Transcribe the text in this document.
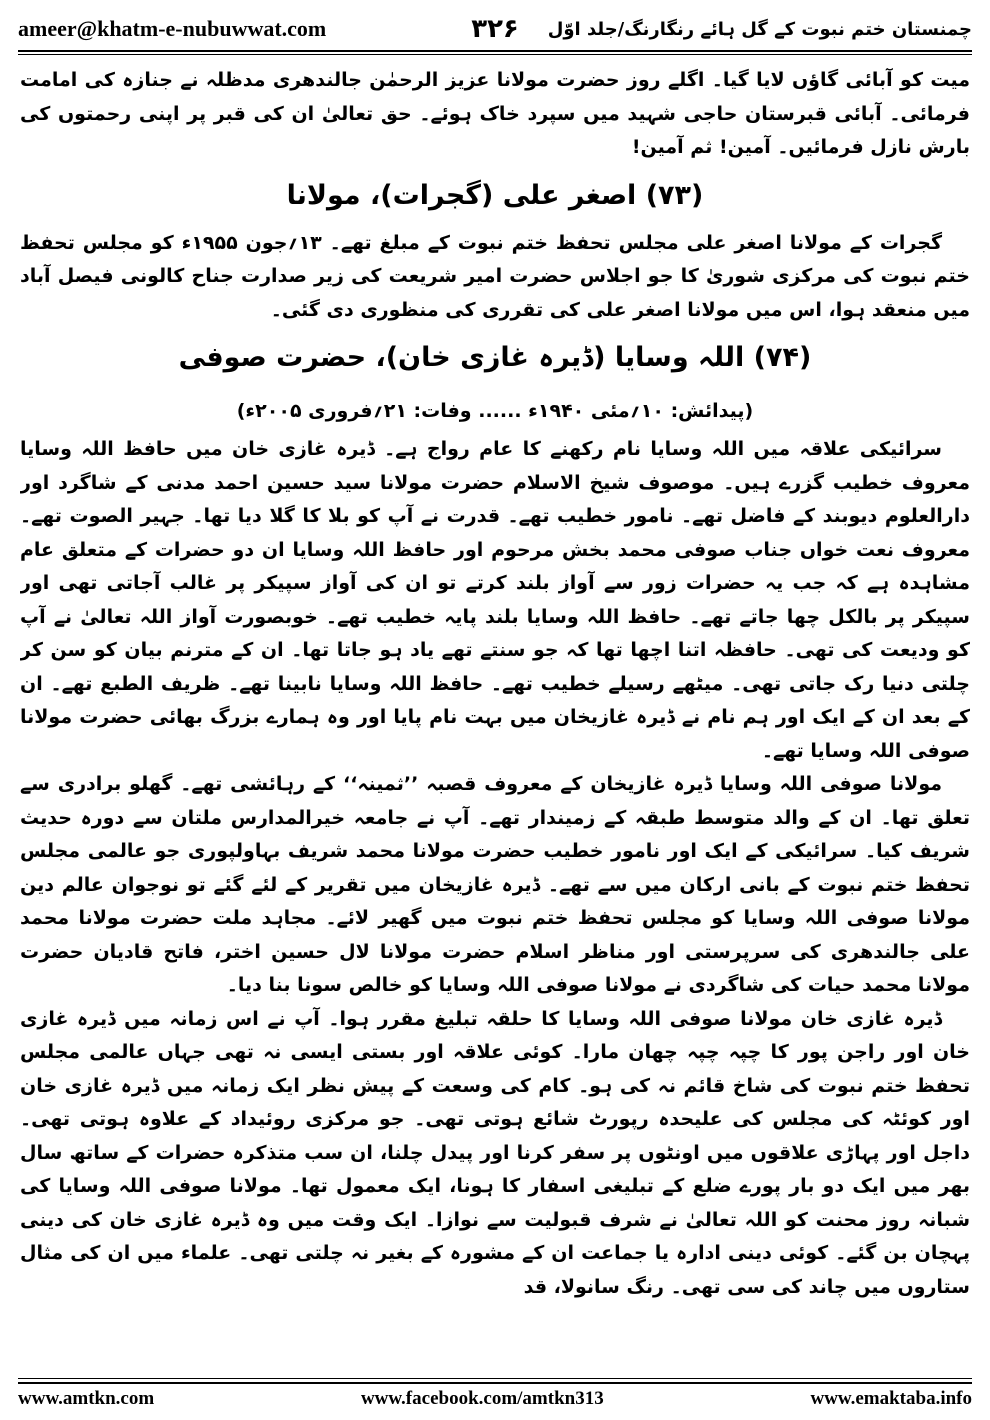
ameer@khatm-e-nubuwwat.com	۳۲۶ چمنستان ختم نبوت کے گل ہائے رنگارنگ/جلد اوّل

میت کو آبائی گاؤں لایا گیا۔ اگلے روز حضرت مولانا عزیز الرحمٰن جالندھری مدظلہ نے جنازہ کی امامت فرمائی۔ آبائی قبرستان حاجی شہید میں سپرد خاک ہوئے۔ حق تعالیٰ ان کی قبر پر اپنی رحمتوں کی بارش نازل فرمائیں۔ آمین! ثم آمین!

(۷۳) اصغر علی (گجرات)، مولانا

گجرات کے مولانا اصغر علی مجلس تحفظ ختم نبوت کے مبلغ تھے۔ ۱۳؍جون ۱۹۵۵ء کو مجلس تحفظ ختم نبوت کی مرکزی شوریٰ کا جو اجلاس حضرت امیر شریعت کی زیر صدارت جناح کالونی فیصل آباد میں منعقد ہوا، اس میں مولانا اصغر علی کی تقرری کی منظوری دی گئی۔

(۷۴) اللہ وسایا (ڈیرہ غازی خان)، حضرت صوفی
(پیدائش: ۱۰؍مئی ۱۹۴۰ء ...... وفات: ۲۱؍فروری ۲۰۰۵ء)

سرائیکی علاقہ میں اللہ وسایا نام رکھنے کا عام رواج ہے۔ ڈیرہ غازی خان میں حافظ اللہ وسایا معروف خطیب گزرے ہیں۔ موصوف شیخ الاسلام حضرت مولانا سید حسین احمد مدنی کے شاگرد اور دارالعلوم دیوبند کے فاضل تھے۔ نامور خطیب تھے۔ قدرت نے آپ کو بلا کا گلا دیا تھا۔ جہیر الصوت تھے۔ معروف نعت خواں جناب صوفی محمد بخش مرحوم اور حافظ اللہ وسایا ان دو حضرات کے متعلق عام مشاہدہ ہے کہ جب یہ حضرات زور سے آواز بلند کرتے تو ان کی آواز سپیکر پر غالب آجاتی تھی اور سپیکر پر بالکل چھا جاتے تھے۔ حافظ اللہ وسایا بلند پایہ خطیب تھے۔ خوبصورت آواز اللہ تعالیٰ نے آپ کو ودیعت کی تھی۔ حافظہ اتنا اچھا تھا کہ جو سنتے تھے یاد ہو جاتا تھا۔ ان کے مترنم بیان کو سن کر چلتی دنیا رک جاتی تھی۔ میٹھے رسیلے خطیب تھے۔ حافظ اللہ وسایا نابینا تھے۔ ظریف الطبع تھے۔ ان کے بعد ان کے ایک اور ہم نام نے ڈیرہ غازیخان میں بہت نام پایا اور وہ ہمارے بزرگ بھائی حضرت مولانا صوفی اللہ وسایا تھے۔

مولانا صوفی اللہ وسایا ڈیرہ غازیخان کے معروف قصبہ ’’ثمینہ‘‘ کے رہائشی تھے۔ گھلو برادری سے تعلق تھا۔ ان کے والد متوسط طبقہ کے زمیندار تھے۔ آپ نے جامعہ خیرالمدارس ملتان سے دورہ حدیث شریف کیا۔ سرائیکی کے ایک اور نامور خطیب حضرت مولانا محمد شریف بہاولپوری جو عالمی مجلس تحفظ ختم نبوت کے بانی ارکان میں سے تھے۔ ڈیرہ غازیخان میں تقریر کے لئے گئے تو نوجوان عالم دین مولانا صوفی اللہ وسایا کو مجلس تحفظ ختم نبوت میں گھیر لائے۔ مجاہد ملت حضرت مولانا محمد علی جالندھری کی سرپرستی اور مناظر اسلام حضرت مولانا لال حسین اختر، فاتح قادیان حضرت مولانا محمد حیات کی شاگردی نے مولانا صوفی اللہ وسایا کو خالص سونا بنا دیا۔

ڈیرہ غازی خان مولانا صوفی اللہ وسایا کا حلقہ تبلیغ مقرر ہوا۔ آپ نے اس زمانہ میں ڈیرہ غازی خان اور راجن پور کا چپہ چپہ چھان مارا۔ کوئی علاقہ اور بستی ایسی نہ تھی جہاں عالمی مجلس تحفظ ختم نبوت کی شاخ قائم نہ کی ہو۔ کام کی وسعت کے پیش نظر ایک زمانہ میں ڈیرہ غازی خان اور کوئٹہ کی مجلس کی علیحدہ رپورٹ شائع ہوتی تھی۔ جو مرکزی روئیداد کے علاوہ ہوتی تھی۔ داجل اور پہاڑی علاقوں میں اونٹوں پر سفر کرنا اور پیدل چلنا، ان سب متذکرہ حضرات کے ساتھ سال بھر میں ایک دو بار پورے ضلع کے تبلیغی اسفار کا ہونا، ایک معمول تھا۔ مولانا صوفی اللہ وسایا کی شبانہ روز محنت کو اللہ تعالیٰ نے شرف قبولیت سے نوازا۔ ایک وقت میں وہ ڈیرہ غازی خان کی دینی پہچان بن گئے۔ کوئی دینی ادارہ یا جماعت ان کے مشورہ کے بغیر نہ چلتی تھی۔ علماء میں ان کی مثال ستاروں میں چاند کی سی تھی۔ رنگ سانولا، قد

www.amtkn.com	www.facebook.com/amtkn313	www.emaktaba.info
